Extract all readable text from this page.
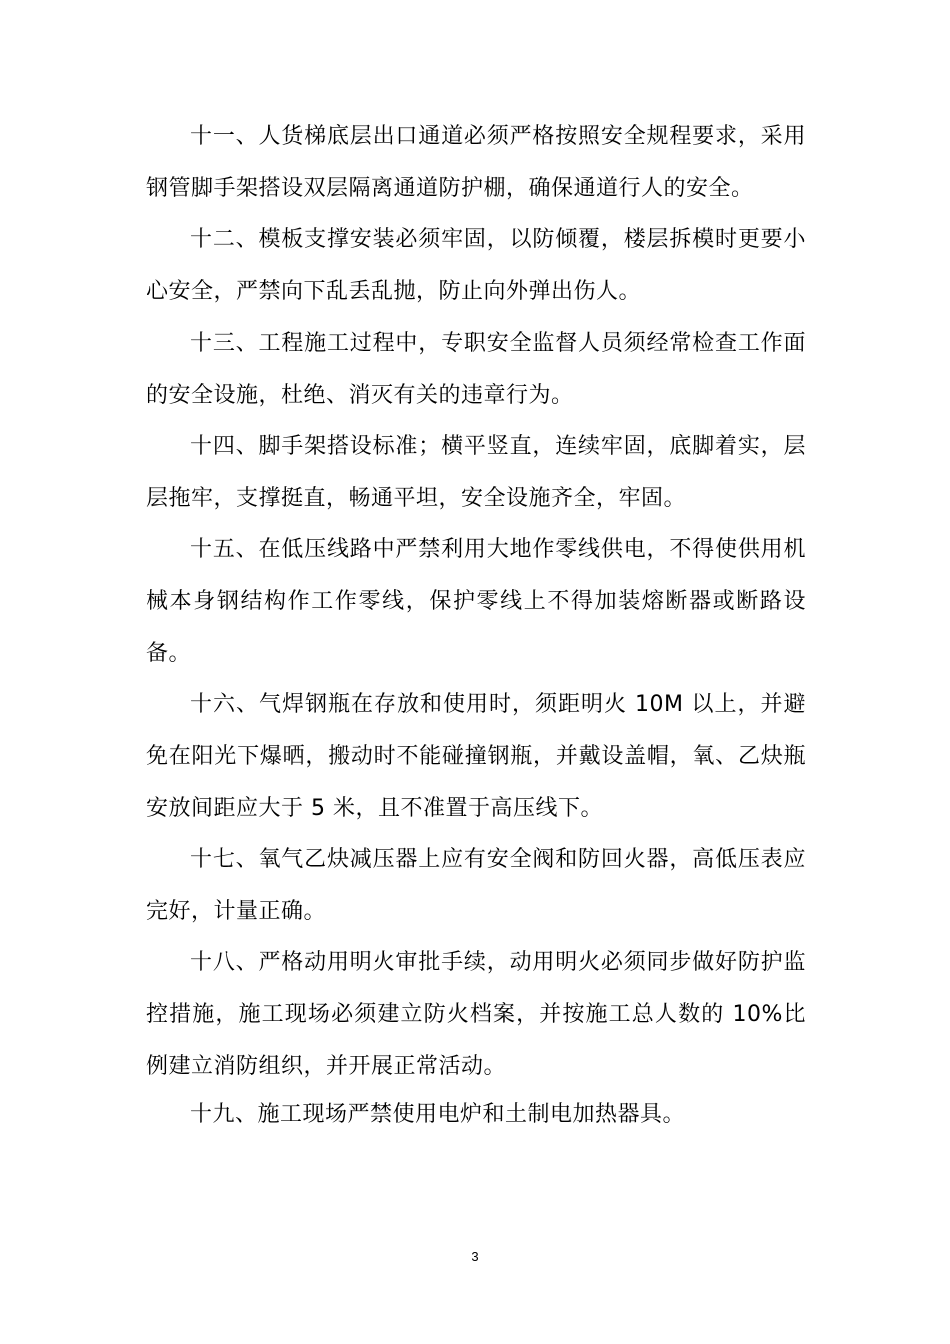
十一、人货梯底层出口通道必须严格按照安全规程要求，采用钢管脚手架搭设双层隔离通道防护棚，确保通道行人的安全。

十二、模板支撑安装必须牢固，以防倾覆，楼层拆模时更要小心安全，严禁向下乱丢乱抛，防止向外弹出伤人。

十三、工程施工过程中，专职安全监督人员须经常检查工作面的安全设施，杜绝、消灭有关的违章行为。

十四、脚手架搭设标准；横平竖直，连续牢固，底脚着实，层层拖牢，支撑挺直，畅通平坦，安全设施齐全，牢固。

十五、在低压线路中严禁利用大地作零线供电，不得使供用机械本身钢结构作工作零线，保护零线上不得加装熔断器或断路设备。

十六、气焊钢瓶在存放和使用时，须距明火 10M 以上，并避免在阳光下爆晒，搬动时不能碰撞钢瓶，并戴设盖帽，氧、乙炔瓶安放间距应大于 5 米，且不准置于高压线下。

十七、氧气乙炔减压器上应有安全阀和防回火器，高低压表应完好，计量正确。

十八、严格动用明火审批手续，动用明火必须同步做好防护监控措施，施工现场必须建立防火档案，并按施工总人数的 10%比例建立消防组织，并开展正常活动。

十九、施工现场严禁使用电炉和土制电加热器具。

3
